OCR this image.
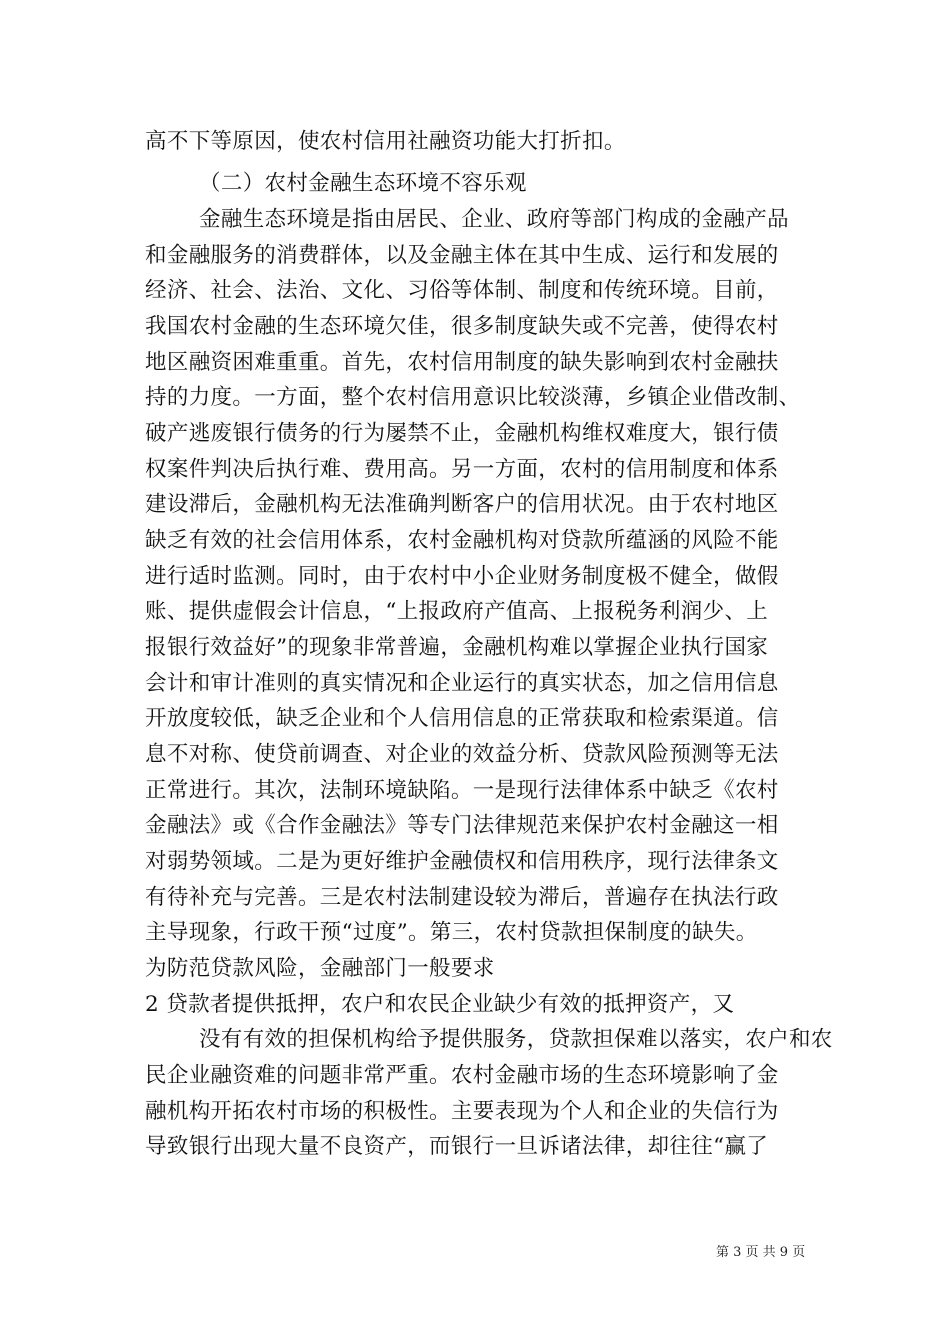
高不下等原因，使农村信用社融资功能大打折扣。
（二）农村金融生态环境不容乐观
金融生态环境是指由居民、企业、政府等部门构成的金融产品
和金融服务的消费群体，以及金融主体在其中生成、运行和发展的
经济、社会、法治、文化、习俗等体制、制度和传统环境。目前，
我国农村金融的生态环境欠佳，很多制度缺失或不完善，使得农村
地区融资困难重重。首先，农村信用制度的缺失影响到农村金融扶
持的力度。一方面，整个农村信用意识比较淡薄，乡镇企业借改制、
破产逃废银行债务的行为屡禁不止，金融机构维权难度大，银行债
权案件判决后执行难、费用高。另一方面，农村的信用制度和体系
建设滞后，金融机构无法准确判断客户的信用状况。由于农村地区
缺乏有效的社会信用体系，农村金融机构对贷款所蕴涵的风险不能
进行适时监测。同时，由于农村中小企业财务制度极不健全，做假
账、提供虚假会计信息，“上报政府产值高、上报税务利润少、上
报银行效益好”的现象非常普遍，金融机构难以掌握企业执行国家
会计和审计准则的真实情况和企业运行的真实状态，加之信用信息
开放度较低，缺乏企业和个人信用信息的正常获取和检索渠道。信
息不对称、使贷前调查、对企业的效益分析、贷款风险预测等无法
正常进行。其次，法制环境缺陷。一是现行法律体系中缺乏《农村
金融法》或《合作金融法》等专门法律规范来保护农村金融这一相
对弱势领域。二是为更好维护金融债权和信用秩序，现行法律条文
有待补充与完善。三是农村法制建设较为滞后，普遍存在执法行政
主导现象，行政干预“过度”。第三，农村贷款担保制度的缺失。
为防范贷款风险，金融部门一般要求
2 贷款者提供抵押，农户和农民企业缺少有效的抵押资产，又
没有有效的担保机构给予提供服务，贷款担保难以落实，农户和农
民企业融资难的问题非常严重。农村金融市场的生态环境影响了金
融机构开拓农村市场的积极性。主要表现为个人和企业的失信行为
导致银行出现大量不良资产，而银行一旦诉诸法律，却往往“赢了
第 3 页 共 9 页
